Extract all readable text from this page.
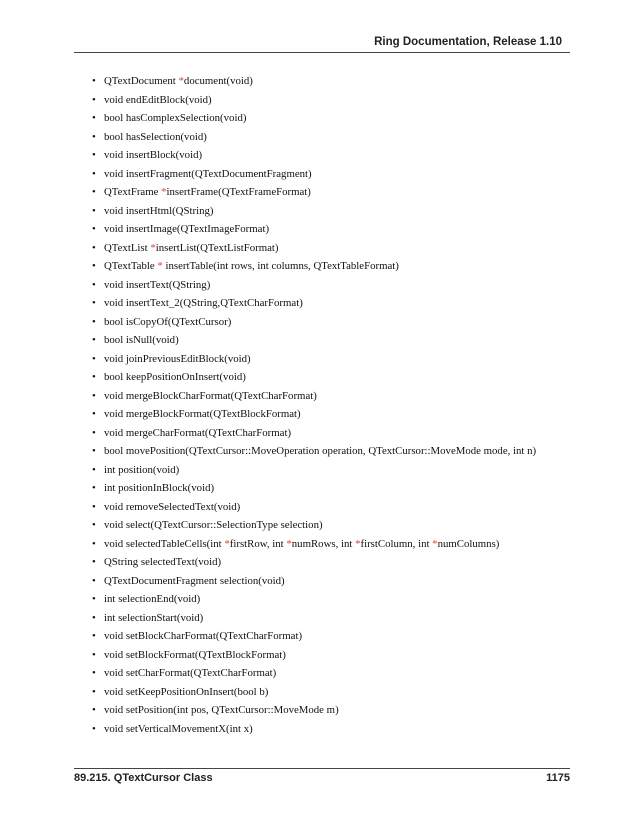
Ring Documentation, Release 1.10
• QTextDocument *document(void)
• void endEditBlock(void)
• bool hasComplexSelection(void)
• bool hasSelection(void)
• void insertBlock(void)
• void insertFragment(QTextDocumentFragment)
• QTextFrame *insertFrame(QTextFrameFormat)
• void insertHtml(QString)
• void insertImage(QTextImageFormat)
• QTextList *insertList(QTextListFormat)
• QTextTable * insertTable(int rows, int columns, QTextTableFormat)
• void insertText(QString)
• void insertText_2(QString,QTextCharFormat)
• bool isCopyOf(QTextCursor)
• bool isNull(void)
• void joinPreviousEditBlock(void)
• bool keepPositionOnInsert(void)
• void mergeBlockCharFormat(QTextCharFormat)
• void mergeBlockFormat(QTextBlockFormat)
• void mergeCharFormat(QTextCharFormat)
• bool movePosition(QTextCursor::MoveOperation operation, QTextCursor::MoveMode mode, int n)
• int position(void)
• int positionInBlock(void)
• void removeSelectedText(void)
• void select(QTextCursor::SelectionType selection)
• void selectedTableCells(int *firstRow, int *numRows, int *firstColumn, int *numColumns)
• QString selectedText(void)
• QTextDocumentFragment selection(void)
• int selectionEnd(void)
• int selectionStart(void)
• void setBlockCharFormat(QTextCharFormat)
• void setBlockFormat(QTextBlockFormat)
• void setCharFormat(QTextCharFormat)
• void setKeepPositionOnInsert(bool b)
• void setPosition(int pos, QTextCursor::MoveMode m)
• void setVerticalMovementX(int x)
89.215. QTextCursor Class	1175
